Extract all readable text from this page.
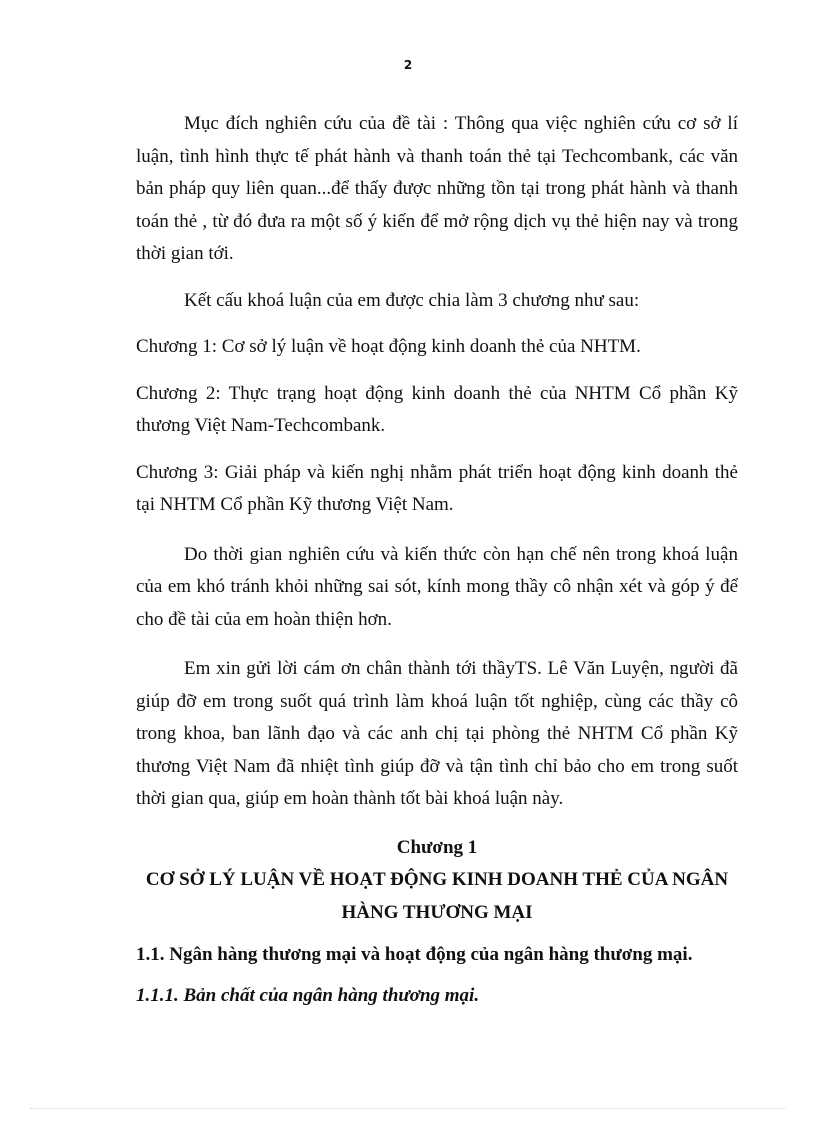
2

Mục đích nghiên cứu của đề tài : Thông qua việc nghiên cứu cơ sở lí luận, tình hình thực tế phát hành và thanh toán thẻ tại Techcombank, các văn bản pháp quy liên quan...để thấy được những tồn tại trong phát hành và thanh toán thẻ , từ đó đưa ra một số ý kiến để mở rộng dịch vụ thẻ hiện nay và trong thời gian tới.

Kết cấu khoá luận của em được chia làm 3 chương như sau:

Chương 1: Cơ sở lý luận về hoạt động kinh doanh thẻ của NHTM.

Chương 2: Thực trạng hoạt động kinh doanh thẻ của NHTM Cổ phần Kỹ thương Việt Nam-Techcombank.

Chương 3: Giải pháp và kiến nghị nhằm phát triển hoạt động kinh doanh thẻ tại NHTM Cổ phần Kỹ thương Việt Nam.

Do thời gian nghiên cứu và kiến thức còn hạn chế nên trong khoá luận của em khó tránh khỏi những sai sót, kính mong thầy cô nhận xét và góp ý để cho đề tài của em hoàn thiện hơn.

Em xin gửi lời cám ơn chân thành tới thầyTS. Lê Văn Luyện, người đã giúp đỡ em trong suốt quá trình làm khoá luận tốt nghiệp, cùng các thầy cô trong khoa, ban lãnh đạo và các anh chị tại phòng thẻ NHTM Cổ phần Kỹ thương Việt Nam đã nhiệt tình giúp đỡ và tận tình chỉ bảo cho em trong suốt thời gian qua, giúp em hoàn thành tốt bài khoá luận này.

Chương 1
CƠ SỞ LÝ LUẬN VỀ HOẠT ĐỘNG KINH DOANH THẺ CỦA NGÂN HÀNG THƯƠNG MẠI
1.1. Ngân hàng thương mại và hoạt động của ngân hàng thương mại.
1.1.1. Bản chất của ngân hàng thương mại.
